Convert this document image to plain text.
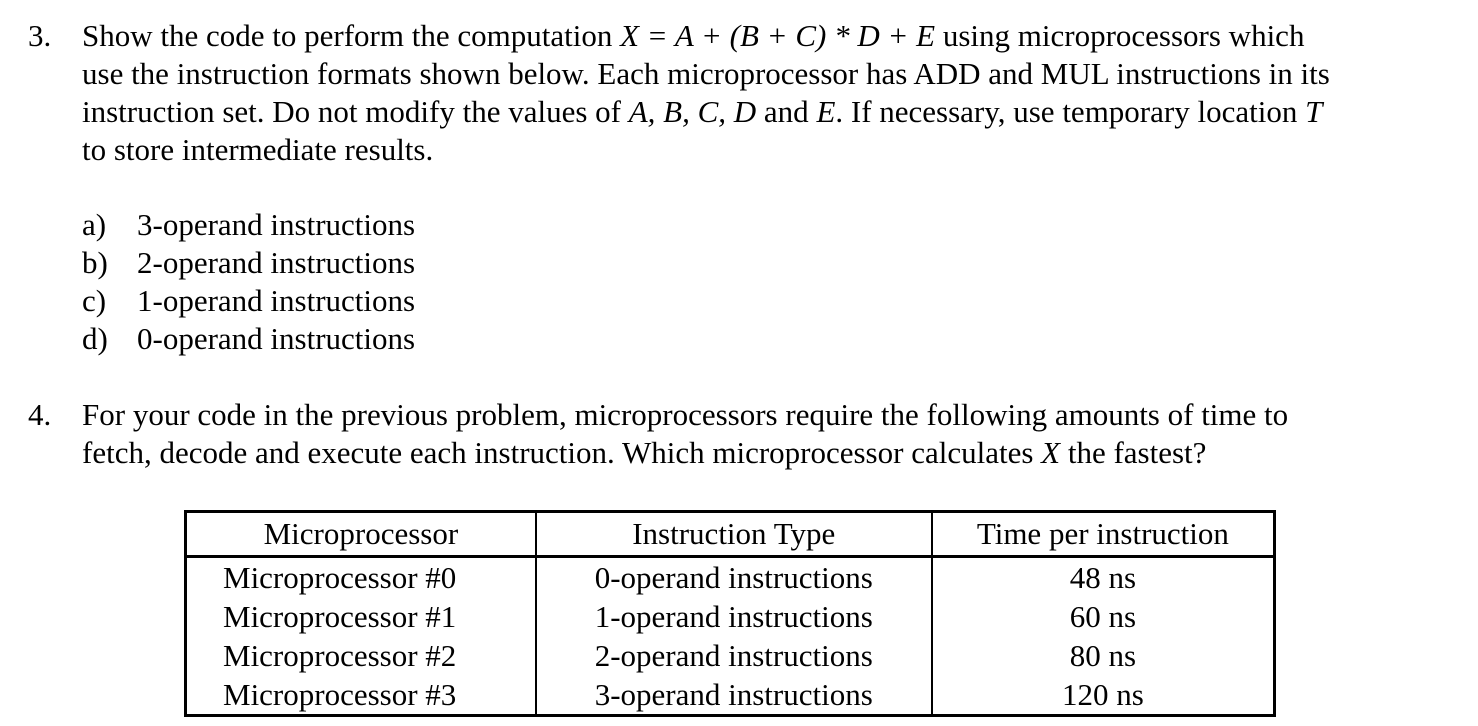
3. Show the code to perform the computation X = A + (B + C) * D + E using microprocessors which
use the instruction formats shown below. Each microprocessor has ADD and MUL instructions in its
instruction set. Do not modify the values of A, B, C, D and E. If necessary, use temporary location T
to store intermediate results.
a) 3-operand instructions
b) 2-operand instructions
c) 1-operand instructions
d) 0-operand instructions
4. For your code in the previous problem, microprocessors require the following amounts of time to
fetch, decode and execute each instruction. Which microprocessor calculates X the fastest?
Microprocessor	Instruction Type	Time per instruction
Microprocessor #0	0-operand instructions	48 ns
Microprocessor #1	1-operand instructions	60 ns
Microprocessor #2	2-operand instructions	80 ns
Microprocessor #3	3-operand instructions	120 ns
